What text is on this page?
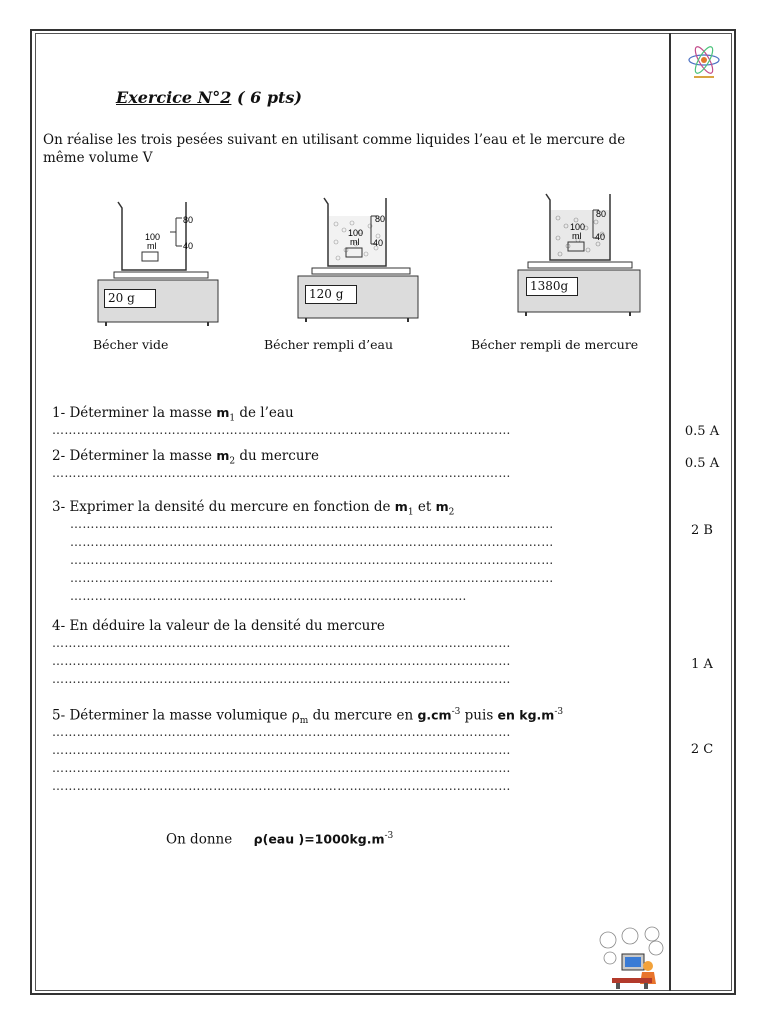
Exercice N°2 ( 6 pts)
On réalise les trois pesées suivant en utilisant comme liquides l’eau et le mercure de même volume V
80
40
100
ml
80
40
100
ml
80
40
100
ml
20 g	120 g
1380g
Bécher vide	Bécher rempli d’eau	Bécher rempli de mercure
1- Déterminer la masse $m_1$ de l’eau
…………………………………………………………………………………………………
2- Déterminer la masse $m_2$ du mercure
…………………………………………………………………………………………………
3- Exprimer la densité du mercure en fonction de $m_1$ et $m_2$
………………………………………………………………………………………………………
………………………………………………………………………………………………………
………………………………………………………………………………………………………
………………………………………………………………………………………………………
……………………………………………………………………………………
4- En déduire la valeur de la densité du mercure
…………………………………………………………………………………………………
…………………………………………………………………………………………………
…………………………………………………………………………………………………
5- Déterminer la masse volumique $\rho_m$ du mercure en $g.cm^{-3}$ puis en $kg.m^{-3}$
…………………………………………………………………………………………………
…………………………………………………………………………………………………
…………………………………………………………………………………………………
…………………………………………………………………………………………………
On donne ρ(eau )$=1000kg.m^{-3}$
0.5 A
0.5 A
2 B
1 A
2 C
